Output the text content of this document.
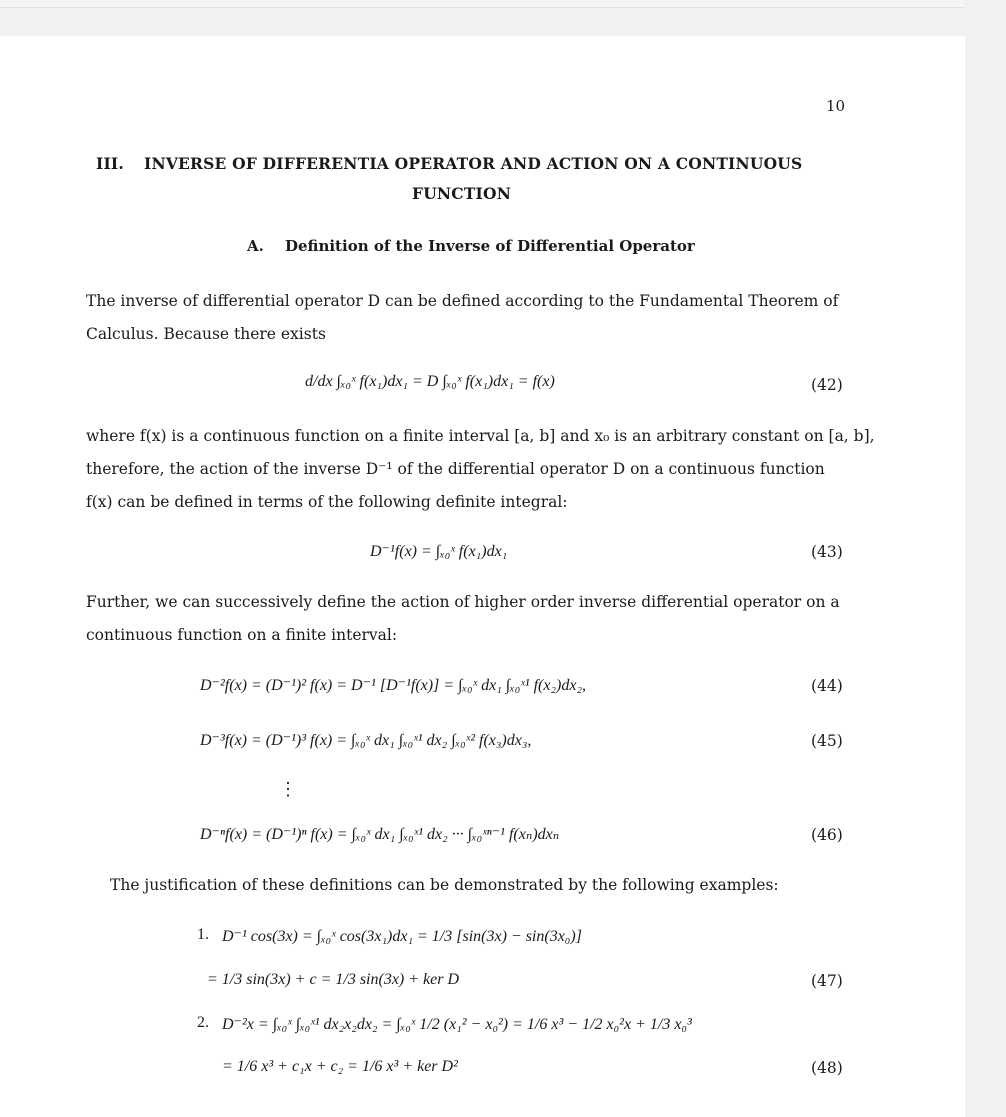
10
III. INVERSE OF DIFFERENTIA OPERATOR AND ACTION ON A CONTINUOUS
FUNCTION
A. Definition of the Inverse of Differential Operator
The inverse of differential operator D can be defined according to the Fundamental Theorem of
Calculus. Because there exists
d/dx ∫ₓ₀ˣ f(x₁)dx₁ = D ∫ₓ₀ˣ f(x₁)dx₁ = f(x)	(42)
where f(x) is a continuous function on a finite interval [a, b] and x₀ is an arbitrary constant on [a, b],
therefore, the action of the inverse D⁻¹ of the differential operator D on a continuous function
f(x) can be defined in terms of the following definite integral:
D⁻¹f(x) = ∫ₓ₀ˣ f(x₁)dx₁	(43)
Further, we can successively define the action of higher order inverse differential operator on a
continuous function on a finite interval:
D⁻²f(x) = (D⁻¹)² f(x) = D⁻¹ [D⁻¹f(x)] = ∫ₓ₀ˣ dx₁ ∫ₓ₀ˣ¹ f(x₂)dx₂,	(44)
D⁻³f(x) = (D⁻¹)³ f(x) = ∫ₓ₀ˣ dx₁ ∫ₓ₀ˣ¹ dx₂ ∫ₓ₀ˣ² f(x₃)dx₃,	(45)
⋮
D⁻ⁿf(x) = (D⁻¹)ⁿ f(x) = ∫ₓ₀ˣ dx₁ ∫ₓ₀ˣ¹ dx₂ ··· ∫ₓ₀ˣⁿ⁻¹ f(xₙ)dxₙ	(46)
The justification of these definitions can be demonstrated by the following examples:
1. D⁻¹ cos(3x) = ∫ₓ₀ˣ cos(3x₁)dx₁ = 1/3 [sin(3x) − sin(3x₀)]
= 1/3 sin(3x) + c = 1/3 sin(3x) + ker D	(47)
2. D⁻²x = ∫ₓ₀ˣ ∫ₓ₀ˣ¹ dx₂x₂dx₂ = ∫ₓ₀ˣ 1/2 (x₁² − x₀²) = 1/6 x³ − 1/2 x₀²x + 1/3 x₀³
= 1/6 x³ + c₁x + c₂ = 1/6 x³ + ker D²	(48)
